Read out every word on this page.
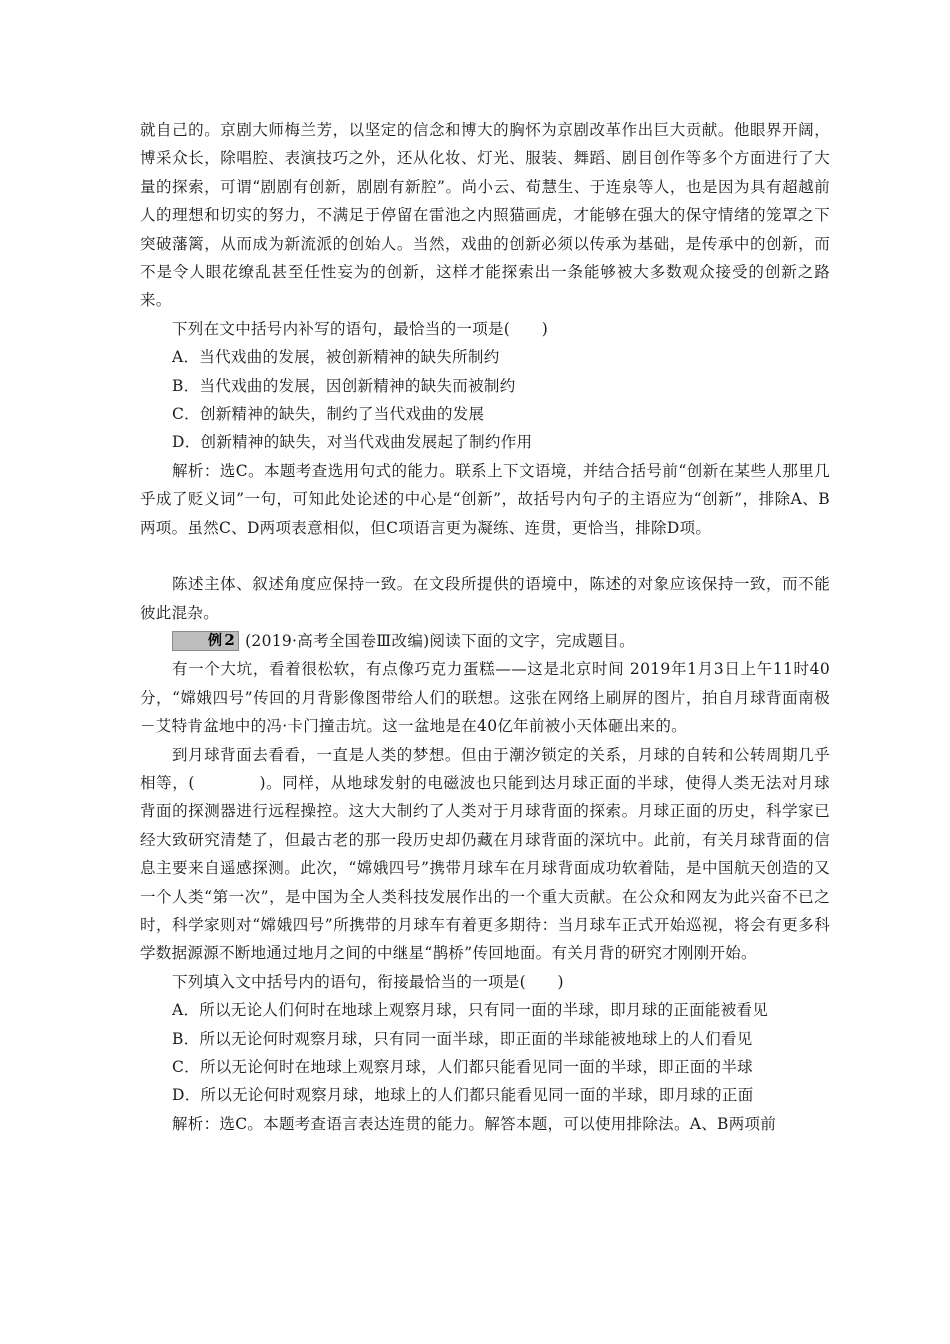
就自己的。京剧大师梅兰芳，以坚定的信念和博大的胸怀为京剧改革作出巨大贡献。他眼界开阔，博采众长，除唱腔、表演技巧之外，还从化妆、灯光、服装、舞蹈、剧目创作等多个方面进行了大量的探索，可谓“剧剧有创新，剧剧有新腔”。尚小云、荀慧生、于连泉等人，也是因为具有超越前人的理想和切实的努力，不满足于停留在雷池之内照猫画虎，才能够在强大的保守情绪的笼罩之下突破藩篱，从而成为新流派的创始人。当然，戏曲的创新必须以传承为基础，是传承中的创新，而不是令人眼花缭乱甚至任性妄为的创新，这样才能探索出一条能够被大多数观众接受的创新之路来。

下列在文中括号内补写的语句，最恰当的一项是(　　)

A．当代戏曲的发展，被创新精神的缺失所制约

B．当代戏曲的发展，因创新精神的缺失而被制约

C．创新精神的缺失，制约了当代戏曲的发展

D．创新精神的缺失，对当代戏曲发展起了制约作用

解析：选C。本题考查选用句式的能力。联系上下文语境，并结合括号前“创新在某些人那里几乎成了贬义词”一句，可知此处论述的中心是“创新”，故括号内句子的主语应为“创新”，排除A、B两项。虽然C、D两项表意相似，但C项语言更为凝练、连贯，更恰当，排除D项。

陈述主体、叙述角度应保持一致。在文段所提供的语境中，陈述的对象应该保持一致，而不能彼此混杂。

例 2 (2019·高考全国卷Ⅲ改编)阅读下面的文字，完成题目。

有一个大坑，看着很松软，有点像巧克力蛋糕——这是北京时间 2019年1月3日上午11时40分，“嫦娥四号”传回的月背影像图带给人们的联想。这张在网络上刷屏的图片，拍自月球背面南极－艾特肯盆地中的冯·卡门撞击坑。这一盆地是在40亿年前被小天体砸出来的。

到月球背面去看看，一直是人类的梦想。但由于潮汐锁定的关系，月球的自转和公转周期几乎相等，(　　　　)。同样，从地球发射的电磁波也只能到达月球正面的半球，使得人类无法对月球背面的探测器进行远程操控。这大大制约了人类对于月球背面的探索。月球正面的历史，科学家已经大致研究清楚了，但最古老的那一段历史却仍藏在月球背面的深坑中。此前，有关月球背面的信息主要来自遥感探测。此次，“嫦娥四号”携带月球车在月球背面成功软着陆，是中国航天创造的又一个人类“第一次”，是中国为全人类科技发展作出的一个重大贡献。在公众和网友为此兴奋不已之时，科学家则对“嫦娥四号”所携带的月球车有着更多期待：当月球车正式开始巡视，将会有更多科学数据源源不断地通过地月之间的中继星“鹊桥”传回地面。有关月背的研究才刚刚开始。

下列填入文中括号内的语句，衔接最恰当的一项是(　　)

A．所以无论人们何时在地球上观察月球，只有同一面的半球，即月球的正面能被看见

B．所以无论何时观察月球，只有同一面半球，即正面的半球能被地球上的人们看见

C．所以无论何时在地球上观察月球，人们都只能看见同一面的半球，即正面的半球

D．所以无论何时观察月球，地球上的人们都只能看见同一面的半球，即月球的正面

解析：选C。本题考查语言表达连贯的能力。解答本题，可以使用排除法。A、B两项前
